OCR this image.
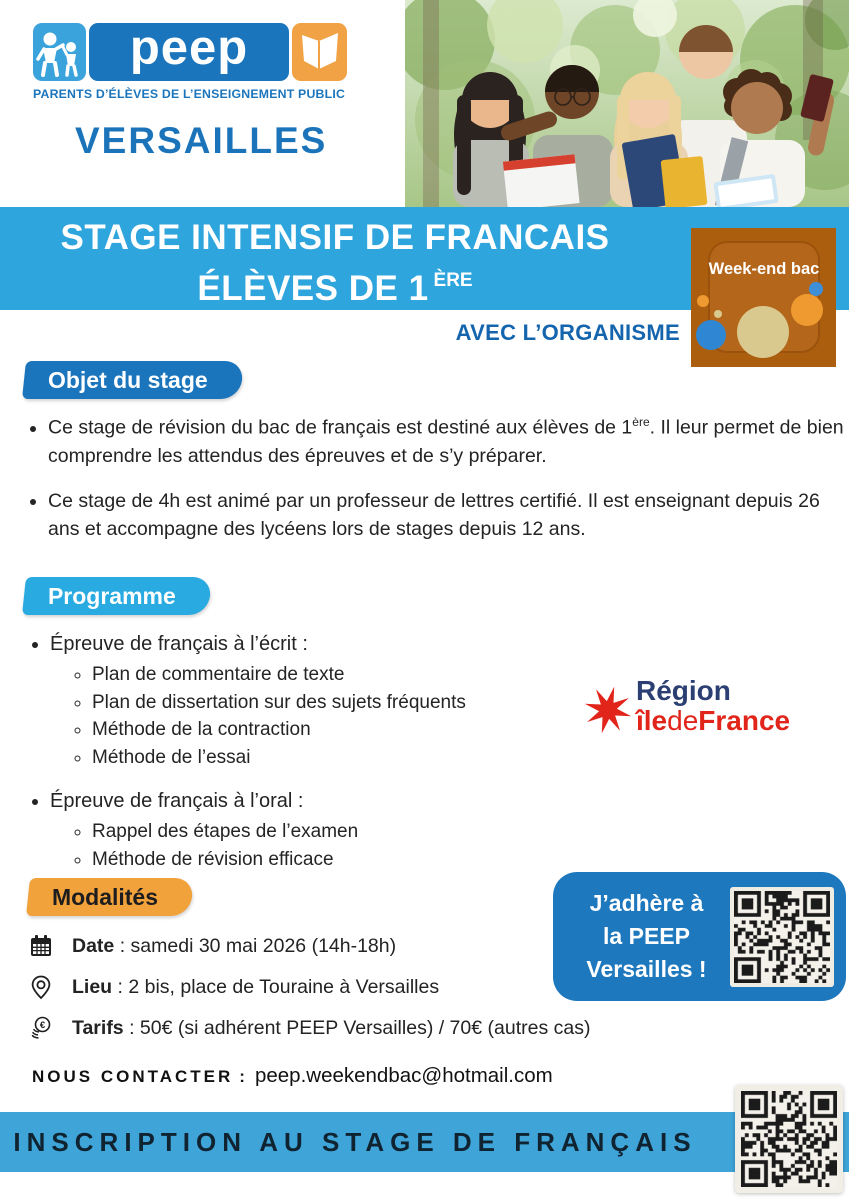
peep
PARENTS D’ÉLÈVES DE L’ENSEIGNEMENT PUBLIC
VERSAILLES
STAGE INTENSIF DE FRANCAIS
ÉLÈVES DE 1 $^{ÈRE}$
Week-end bac
AVEC L’ORGANISME
Objet du stage
• Ce stage de révision du bac de français est destiné aux élèves de 1ère. Il leur permet de bien comprendre les attendus des épreuves et de s’y préparer.
• Ce stage de 4h est animé par un professeur de lettres certifié. Il est enseignant depuis 26 ans et accompagne des lycéens lors de stages depuis 12 ans.
Programme
• Épreuve de français à l’écrit :
◦ Plan de commentaire de texte
◦ Plan de dissertation sur des sujets fréquents
◦ Méthode de la contraction
◦ Méthode de l’essai
• Épreuve de français à l’oral :
◦ Rappel des étapes de l’examen
◦ Méthode de révision efficace
Région
îledeFrance
Modalités
Date : samedi 30 mai 2026 (14h-18h)
Lieu : 2 bis, place de Touraine à Versailles
€ Tarifs : 50€ (si adhérent PEEP Versailles) / 70€ (autres cas)
J’adhère à
la PEEP
Versailles !
NOUS CONTACTER : peep.weekendbac@hotmail.com
INSCRIPTION AU STAGE DE FRANÇAIS
